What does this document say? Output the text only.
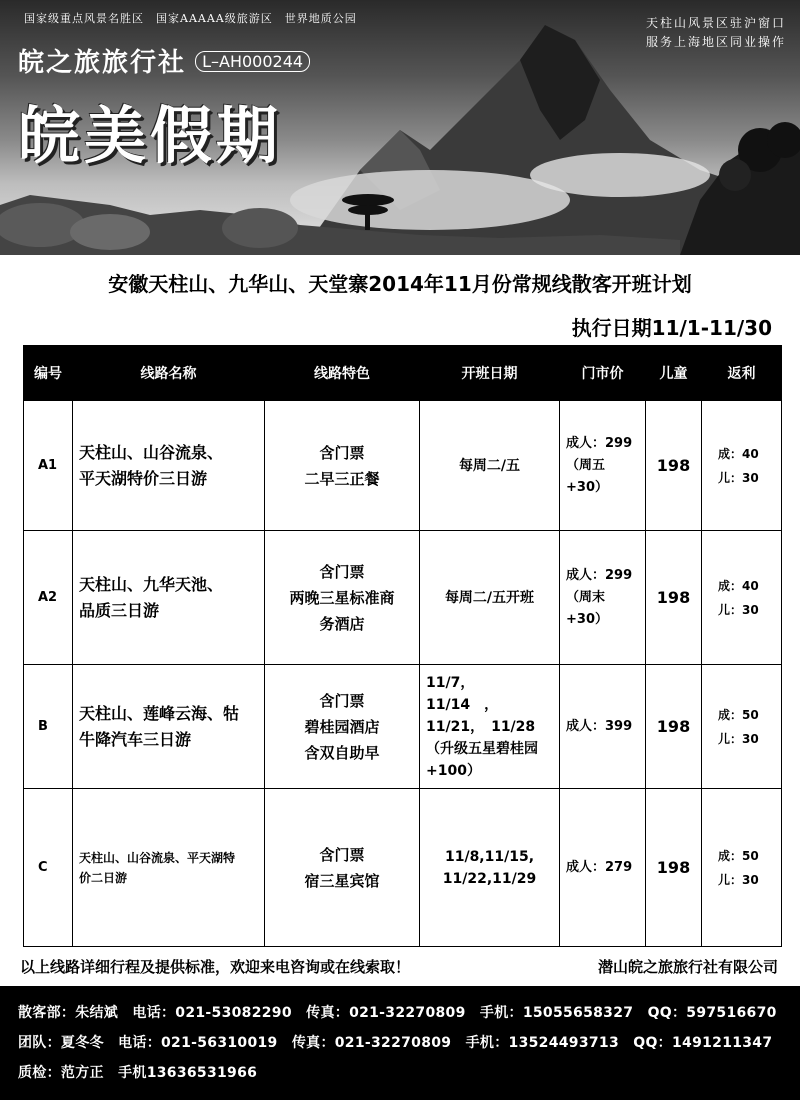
国家级重点风景名胜区　国家AAAAA级旅游区　世界地质公园
皖之旅旅行社 L–AH000244
皖美假期
天柱山风景区驻沪窗口
服务上海地区同业操作
安徽天柱山、九华山、天堂寨2014年11月份常规线散客开班计划
执行日期11/1-11/30
编号	线路名称	线路特色	开班日期	门市价	儿童	返利
A1	天柱山、山谷流泉、
平天湖特价三日游	含门票
二早三正餐	每周二/五	成人：299
（周五+30）	198	成：40
儿：30

A2	天柱山、九华天池、
品质三日游	含门票
两晚三星标准商
务酒店	每周二/五开班	成人：299
（周末+30）	198	成：40
儿：30

B	天柱山、莲峰云海、牯
牛降汽车三日游	含门票
碧桂园酒店
含双自助早	11/7，　11/14　，
11/21，　11/28
（升级五星碧桂园
+100）	成人：399	198	成：50
儿：30

C	天柱山、山谷流泉、平天湖特
价二日游	含门票
宿三星宾馆	11/8,11/15,
11/22,11/29	成人：279	198	成：50
儿：30
以上线路详细行程及提供标准，欢迎来电咨询或在线索取！	潜山皖之旅旅行社有限公司
散客部：朱结斌　电话：021-53082290　传真：021-32270809　手机：15055658327　QQ：597516670
团队：夏冬冬　电话：021-56310019　传真：021-32270809　手机：13524493713　QQ：1491211347
质检：范方正　手机13636531966
